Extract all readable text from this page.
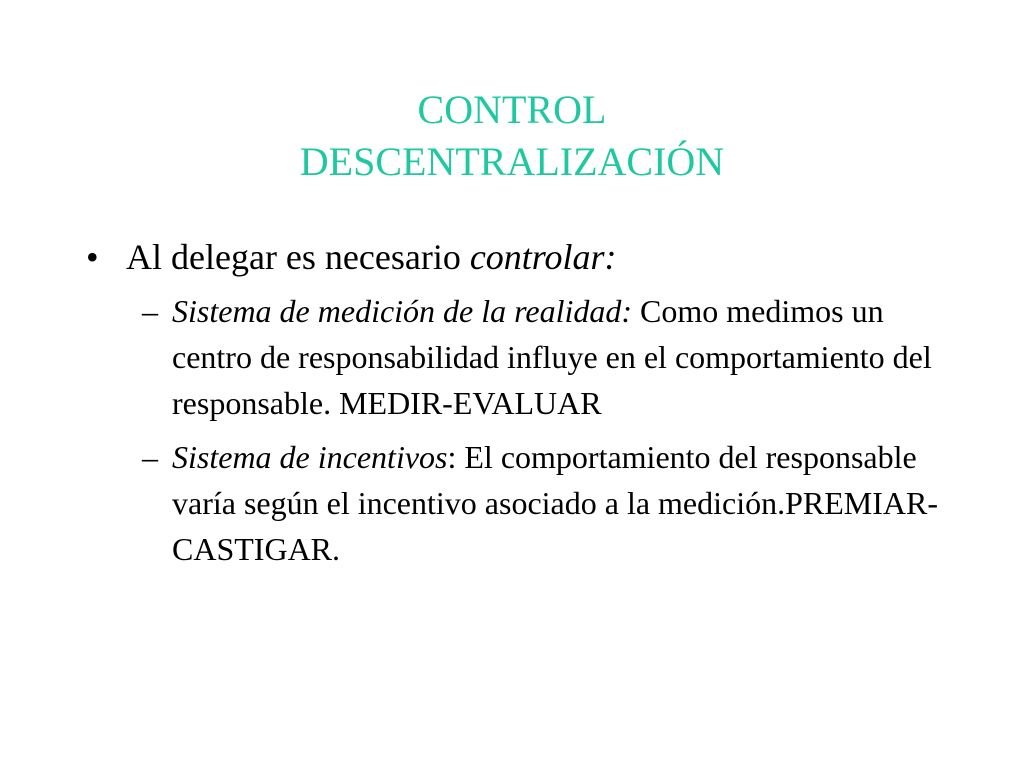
CONTROL
DESCENTRALIZACIÓN
• Al delegar es necesario controlar:
– Sistema de medición de la realidad: Como medimos un centro de responsabilidad influye en el comportamiento del responsable. MEDIR-EVALUAR
– Sistema de incentivos: El comportamiento del responsable varía según el incentivo asociado a la medición.PREMIAR-CASTIGAR.
